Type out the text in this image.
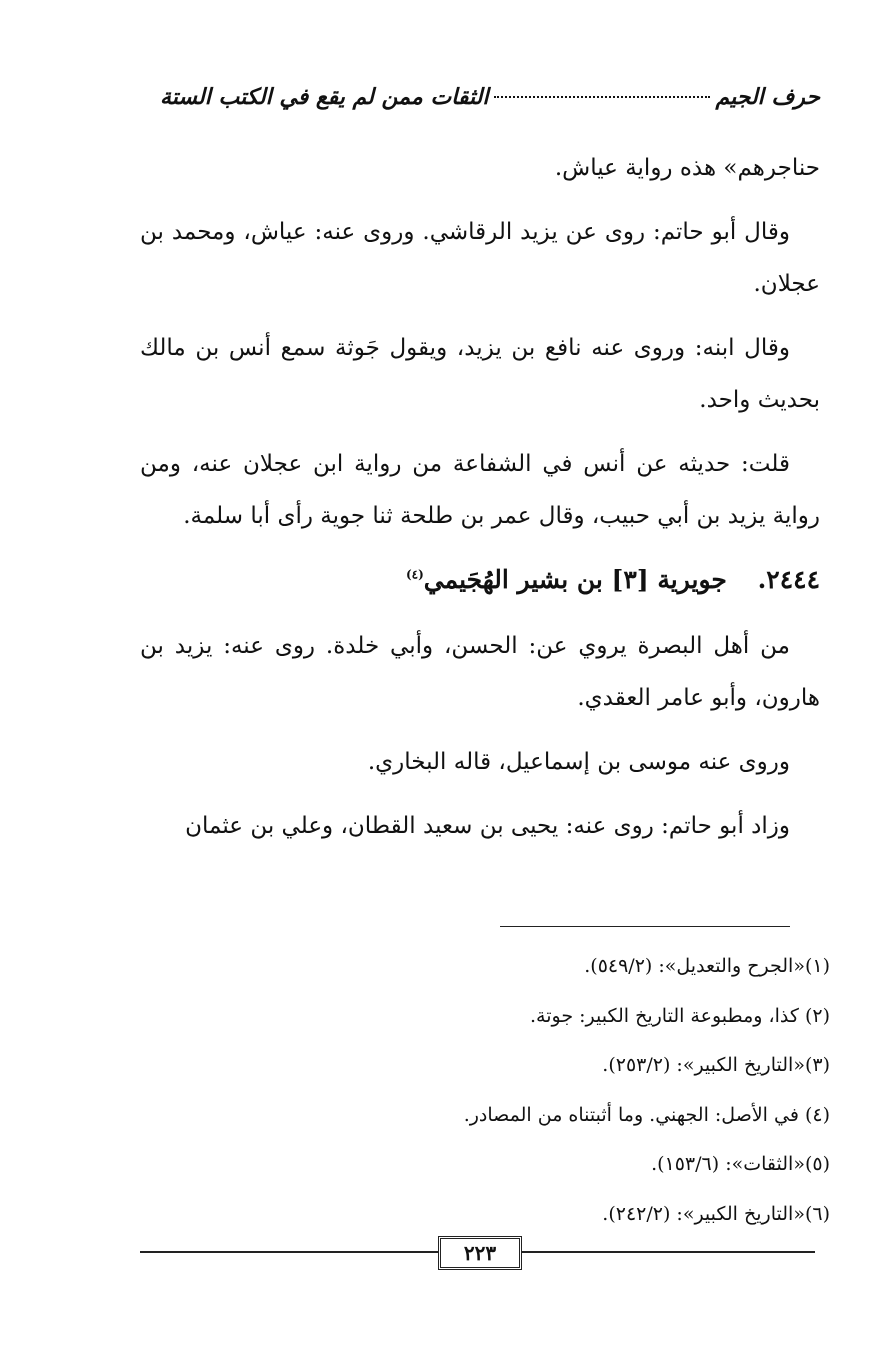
حرف الجيم
الثقات ممن لم يقع في الكتب الستة

حناجرهم» هذه رواية عياش.

وقال أبو حاتم: روى عن يزيد الرقاشي. وروى عنه: عياش، ومحمد بن عجلان.

وقال ابنه: وروى عنه نافع بن يزيد، ويقول جَوثة سمع أنس بن مالك بحديث واحد.

قلت: حديثه عن أنس في الشفاعة من رواية ابن عجلان عنه، ومن رواية يزيد بن أبي حبيب، وقال عمر بن طلحة ثنا جوية رأى أبا سلمة.

٢٤٤٤. جويرية [٣] بن بشير الهُجَيمي$^{(٤)}$

من أهل البصرة يروي عن: الحسن، وأبي خلدة. روى عنه: يزيد بن هارون، وأبو عامر العقدي.

وروى عنه موسى بن إسماعيل، قاله البخاري.

وزاد أبو حاتم: روى عنه: يحيى بن سعيد القطان، وعلي بن عثمان

(١)«الجرح والتعديل»: (٥٤٩/٢).
(٢) كذا، ومطبوعة التاريخ الكبير: جوتة.
(٣)«التاريخ الكبير»: (٢٥٣/٢).
(٤) في الأصل: الجهني. وما أثبتناه من المصادر.
(٥)«الثقات»: (١٥٣/٦).
(٦)«التاريخ الكبير»: (٢٤٢/٢).
٢٢٣
